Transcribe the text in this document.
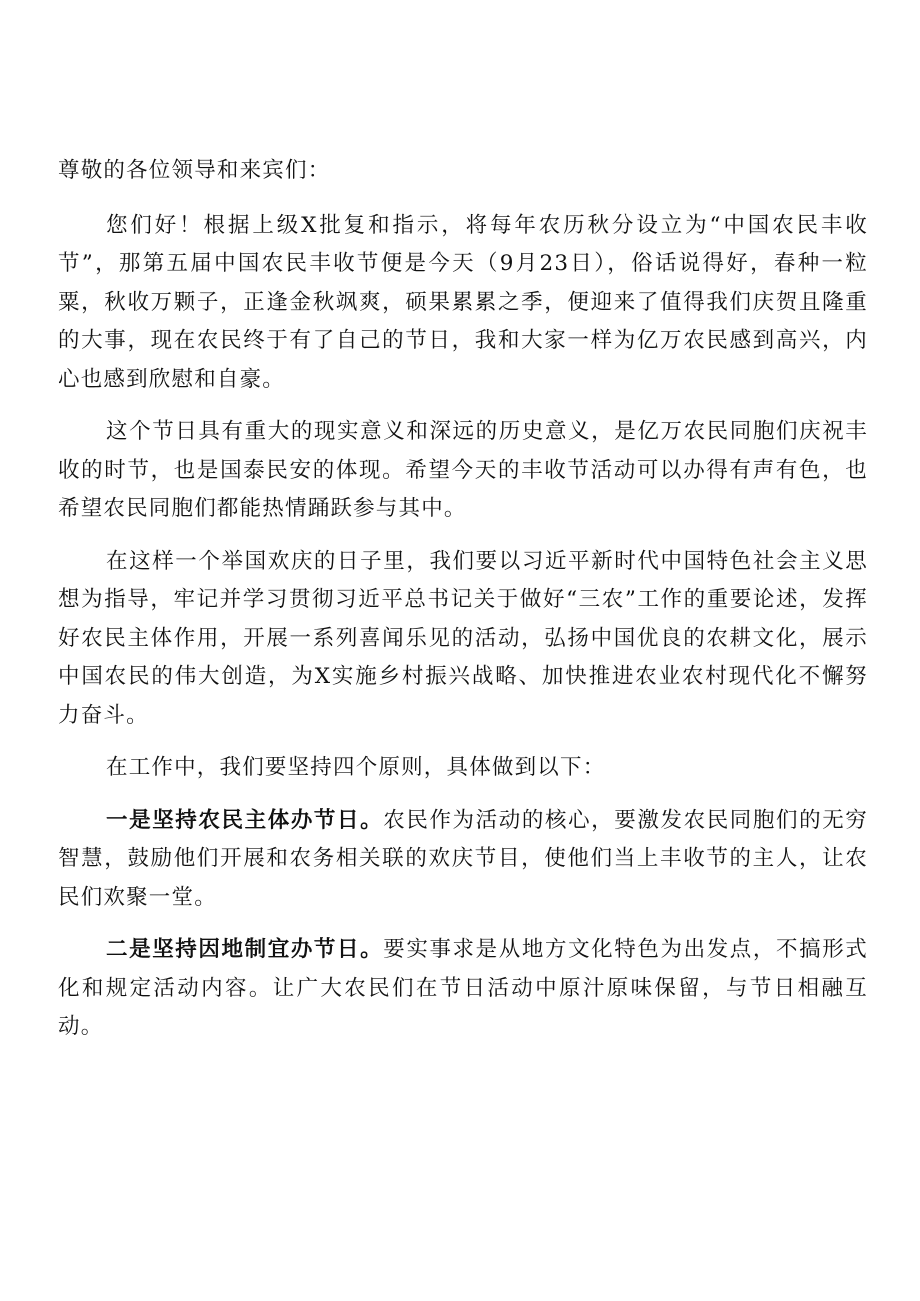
尊敬的各位领导和来宾们：

您们好！根据上级X批复和指示，将每年农历秋分设立为“中国农民丰收节”，那第五届中国农民丰收节便是今天（9月23日），俗话说得好，春种一粒粟，秋收万颗子，正逢金秋飒爽，硕果累累之季，便迎来了值得我们庆贺且隆重的大事，现在农民终于有了自己的节日，我和大家一样为亿万农民感到高兴，内心也感到欣慰和自豪。

这个节日具有重大的现实意义和深远的历史意义，是亿万农民同胞们庆祝丰收的时节，也是国泰民安的体现。希望今天的丰收节活动可以办得有声有色，也希望农民同胞们都能热情踊跃参与其中。

在这样一个举国欢庆的日子里，我们要以习近平新时代中国特色社会主义思想为指导，牢记并学习贯彻习近平总书记关于做好“三农”工作的重要论述，发挥好农民主体作用，开展一系列喜闻乐见的活动，弘扬中国优良的农耕文化，展示中国农民的伟大创造，为X实施乡村振兴战略、加快推进农业农村现代化不懈努力奋斗。

在工作中，我们要坚持四个原则，具体做到以下：

一是坚持农民主体办节日。农民作为活动的核心，要激发农民同胞们的无穷智慧，鼓励他们开展和农务相关联的欢庆节目，使他们当上丰收节的主人，让农民们欢聚一堂。

二是坚持因地制宜办节日。要实事求是从地方文化特色为出发点，不搞形式化和规定活动内容。让广大农民们在节日活动中原汁原味保留，与节日相融互动。
